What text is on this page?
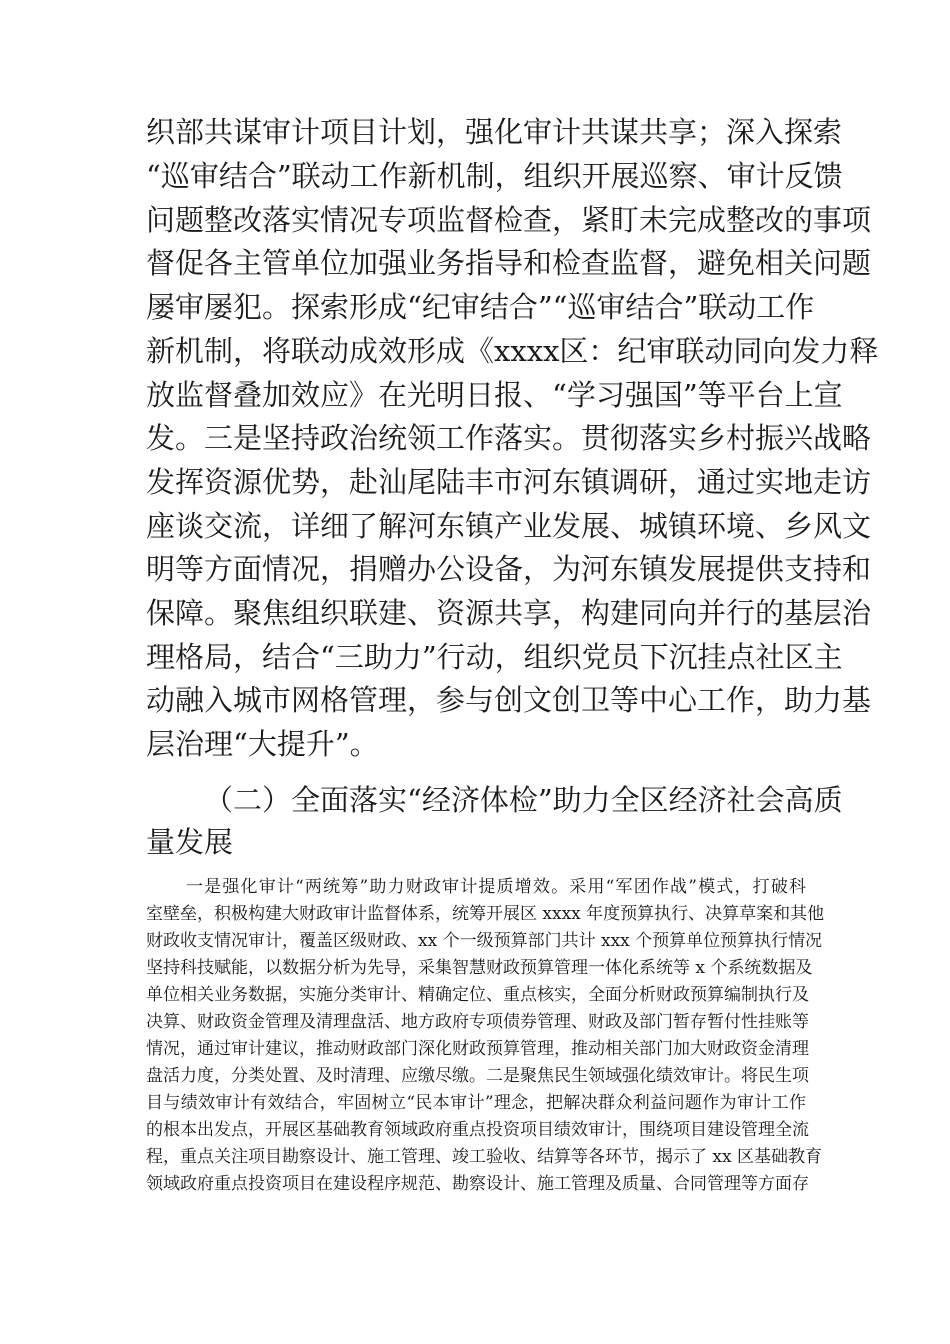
织部共谋审计项目计划，强化审计共谋共享；深入探索
“巡审结合”联动工作新机制，组织开展巡察、审计反馈
问题整改落实情况专项监督检查，紧盯未完成整改的事项
督促各主管单位加强业务指导和检查监督，避免相关问题
屡审屡犯。探索形成“纪审结合”“巡审结合”联动工作
新机制，将联动成效形成《xxxx区：纪审联动同向发力释
放监督叠加效应》在光明日报、“学习强国”等平台上宣
发。三是坚持政治统领工作落实。贯彻落实乡村振兴战略
发挥资源优势，赴汕尾陆丰市河东镇调研，通过实地走访
座谈交流，详细了解河东镇产业发展、城镇环境、乡风文
明等方面情况，捐赠办公设备，为河东镇发展提供支持和
保障。聚焦组织联建、资源共享，构建同向并行的基层治
理格局，结合“三助力”行动，组织党员下沉挂点社区主
动融入城市网格管理，参与创文创卫等中心工作，助力基
层治理“大提升”。
（二）全面落实“经济体检”助力全区经济社会高质
量发展
一是强化审计“两统筹”助力财政审计提质增效。采用“军团作战”模式，打破科
室壁垒，积极构建大财政审计监督体系，统筹开展区 xxxx 年度预算执行、决算草案和其他
财政收支情况审计，覆盖区级财政、xx 个一级预算部门共计 xxx 个预算单位预算执行情况
坚持科技赋能，以数据分析为先导，采集智慧财政预算管理一体化系统等 x 个系统数据及
单位相关业务数据，实施分类审计、精确定位、重点核实，全面分析财政预算编制执行及
决算、财政资金管理及清理盘活、地方政府专项债券管理、财政及部门暂存暂付性挂账等
情况，通过审计建议，推动财政部门深化财政预算管理，推动相关部门加大财政资金清理
盘活力度，分类处置、及时清理、应缴尽缴。二是聚焦民生领域强化绩效审计。将民生项
目与绩效审计有效结合，牢固树立“民本审计”理念，把解决群众利益问题作为审计工作
的根本出发点，开展区基础教育领域政府重点投资项目绩效审计，围绕项目建设管理全流
程，重点关注项目勘察设计、施工管理、竣工验收、结算等各环节，揭示了 xx 区基础教育
领域政府重点投资项目在建设程序规范、勘察设计、施工管理及质量、合同管理等方面存
